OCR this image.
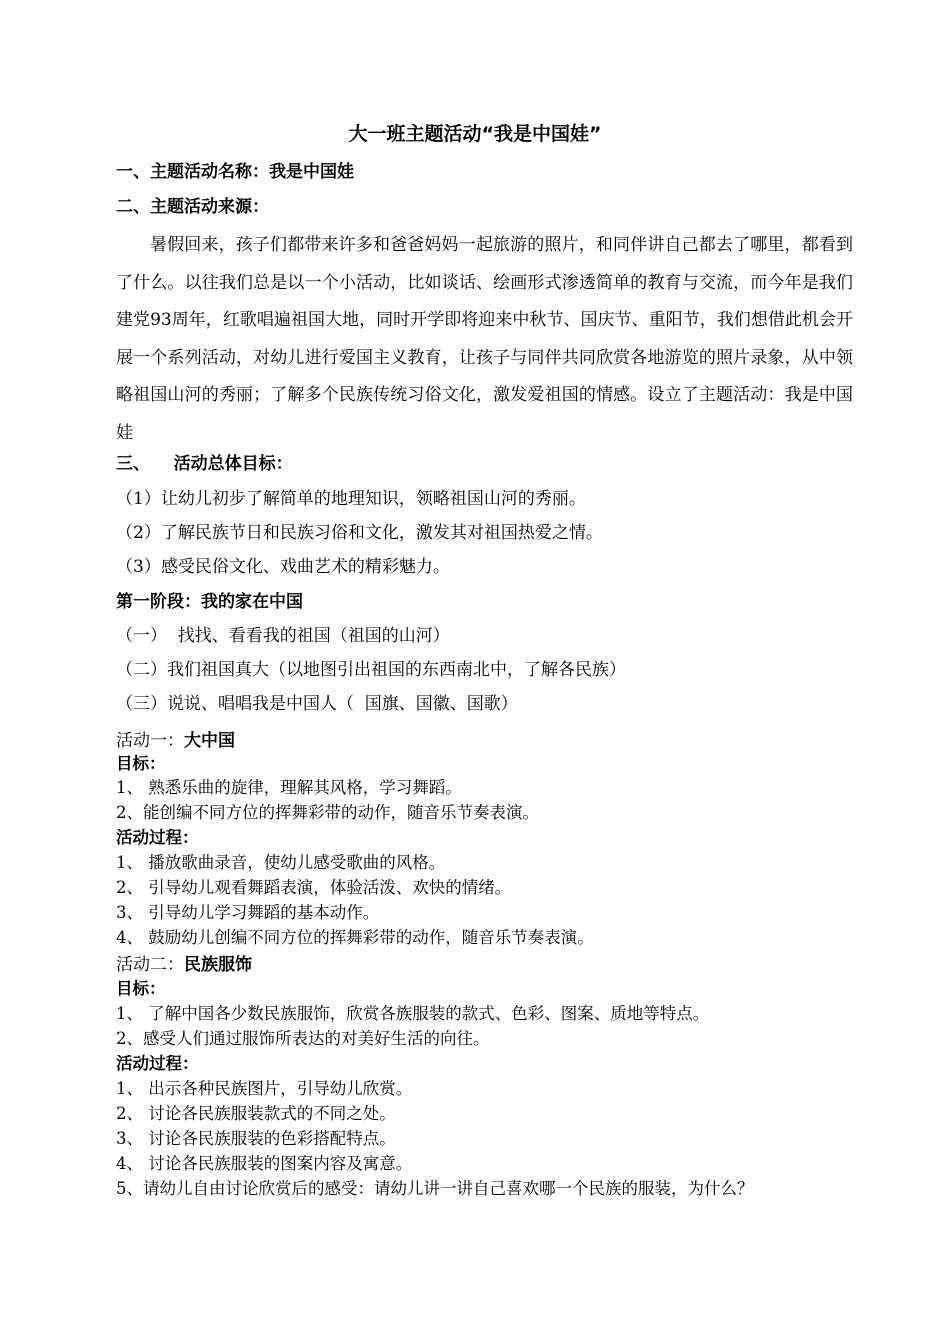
大一班主题活动“我是中国娃”
一、主题活动名称：我是中国娃
二、主题活动来源：
暑假回来，孩子们都带来许多和爸爸妈妈一起旅游的照片，和同伴讲自己都去了哪里，都看到了什么。以往我们总是以一个小活动，比如谈话、绘画形式渗透简单的教育与交流，而今年是我们建党93周年，红歌唱遍祖国大地，同时开学即将迎来中秋节、国庆节、重阳节，我们想借此机会开展一个系列活动，对幼儿进行爱国主义教育，让孩子与同伴共同欣赏各地游览的照片录象，从中领略祖国山河的秀丽；了解多个民族传统习俗文化，激发爱祖国的情感。设立了主题活动：我是中国娃
三、    活动总体目标：
（1）让幼儿初步了解简单的地理知识，领略祖国山河的秀丽。
（2）了解民族节日和民族习俗和文化，激发其对祖国热爱之情。
（3）感受民俗文化、戏曲艺术的精彩魅力。
第一阶段：我的家在中国
（一）  找找、看看我的祖国（祖国的山河）
（二）我们祖国真大（以地图引出祖国的东西南北中，了解各民族）
（三）说说、唱唱我是中国人（  国旗、国徽、国歌）
活动一：大中国
目标：
1、 熟悉乐曲的旋律，理解其风格，学习舞蹈。
2、能创编不同方位的挥舞彩带的动作，随音乐节奏表演。
活动过程：
1、 播放歌曲录音，使幼儿感受歌曲的风格。
2、 引导幼儿观看舞蹈表演，体验活泼、欢快的情绪。
3、 引导幼儿学习舞蹈的基本动作。
4、 鼓励幼儿创编不同方位的挥舞彩带的动作，随音乐节奏表演。
活动二：民族服饰
目标：
1、 了解中国各少数民族服饰，欣赏各族服装的款式、色彩、图案、质地等特点。
2、感受人们通过服饰所表达的对美好生活的向往。
活动过程：
1、 出示各种民族图片，引导幼儿欣赏。
2、 讨论各民族服装款式的不同之处。
3、 讨论各民族服装的色彩搭配特点。
4、 讨论各民族服装的图案内容及寓意。
5、请幼儿自由讨论欣赏后的感受：请幼儿讲一讲自己喜欢哪一个民族的服装，为什么？
